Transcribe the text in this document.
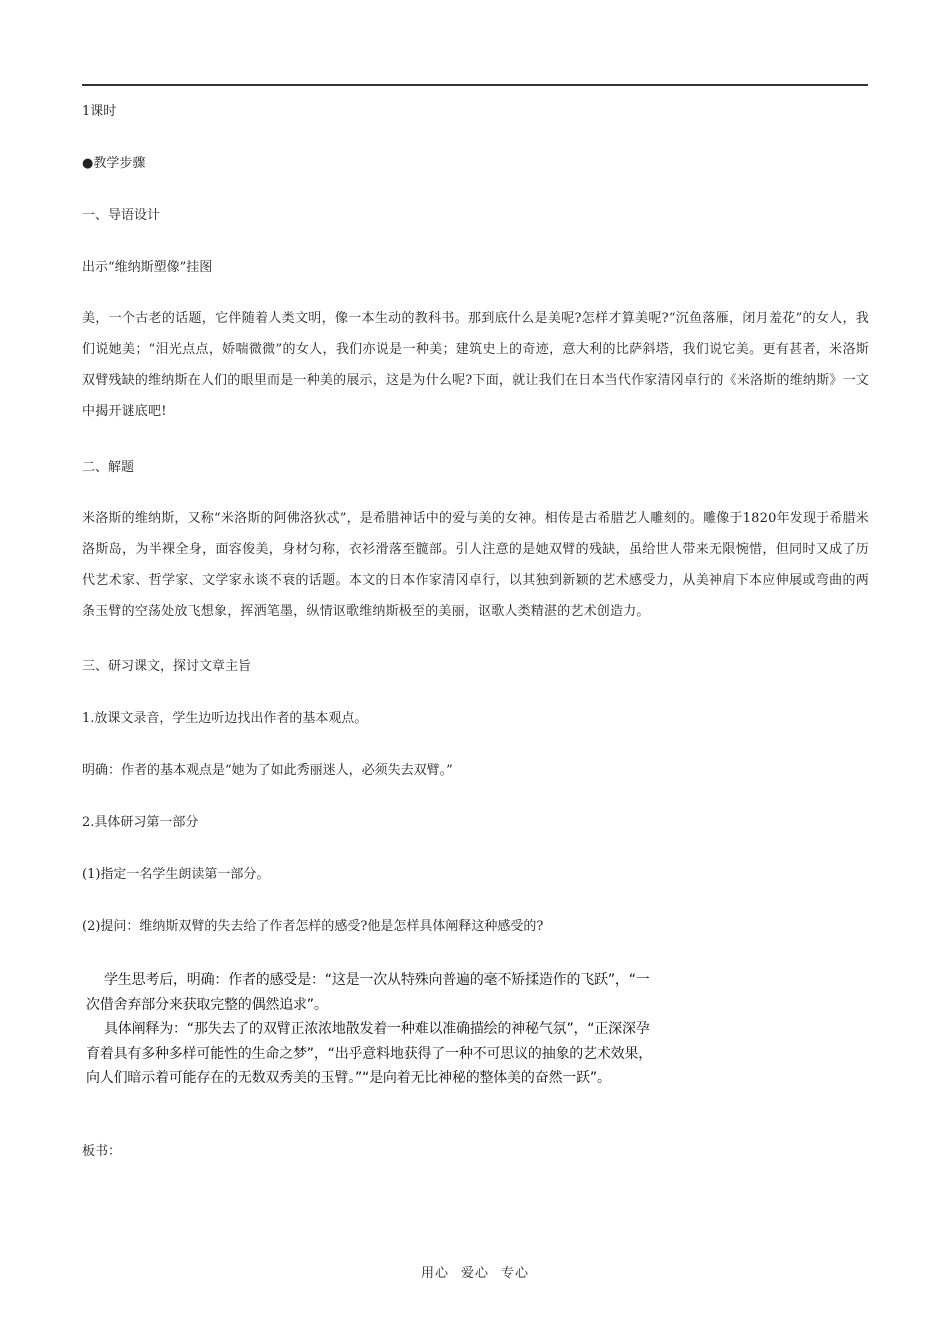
1课时
●教学步骤
一、导语设计
出示“维纳斯塑像”挂图
美，一个古老的话题，它伴随着人类文明，像一本生动的教科书。那到底什么是美呢?怎样才算美呢?“沉鱼落雁，闭月羞花”的女人，我们说她美；“泪光点点，娇喘微微”的女人，我们亦说是一种美；建筑史上的奇迹，意大利的比萨斜塔，我们说它美。更有甚者，米洛斯双臂残缺的维纳斯在人们的眼里而是一种美的展示，这是为什么呢?下面，就让我们在日本当代作家清冈卓行的《米洛斯的维纳斯》一文中揭开谜底吧!
二、解题
米洛斯的维纳斯，又称“米洛斯的阿佛洛狄忒”，是希腊神话中的爱与美的女神。相传是古希腊艺人雕刻的。雕像于1820年发现于希腊米洛斯岛，为半裸全身，面容俊美，身材匀称，衣衫滑落至髋部。引人注意的是她双臂的残缺，虽给世人带来无限惋惜，但同时又成了历代艺术家、哲学家、文学家永谈不衰的话题。本文的日本作家清冈卓行，以其独到新颖的艺术感受力，从美神肩下本应伸展或弯曲的两条玉臂的空荡处放飞想象，挥洒笔墨，纵情讴歌维纳斯极至的美丽，讴歌人类精湛的艺术创造力。
三、研习课文，探讨文章主旨
1.放课文录音，学生边听边找出作者的基本观点。
明确：作者的基本观点是“她为了如此秀丽迷人，必须失去双臂。”
2.具体研习第一部分
(1)指定一名学生朗读第一部分。
(2)提问：维纳斯双臂的失去给了作者怎样的感受?他是怎样具体阐释这种感受的?
学生思考后，明确：作者的感受是：“这是一次从特殊向普遍的毫不矫揉造作的飞跃”，“一
次借舍弃部分来获取完整的偶然追求”。
具体阐释为：“那失去了的双臂正浓浓地散发着一种难以准确描绘的神秘气氛”，“正深深孕
育着具有多种多样可能性的生命之梦”，“出乎意料地获得了一种不可思议的抽象的艺术效果，
向人们暗示着可能存在的无数双秀美的玉臂。”“是向着无比神秘的整体美的奋然一跃”。
板书：
用心 爱心 专心
